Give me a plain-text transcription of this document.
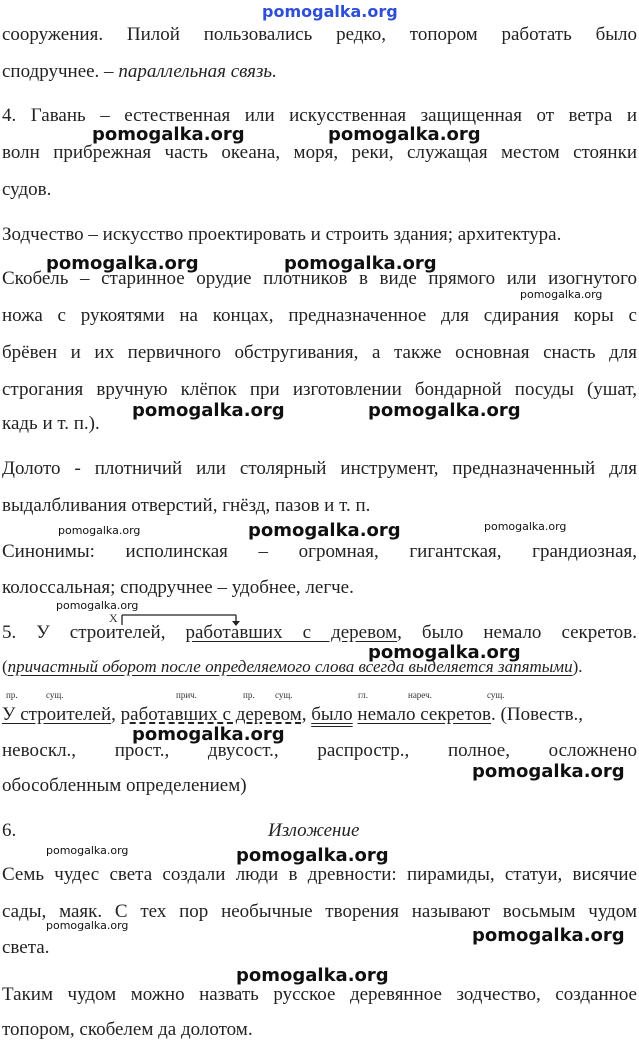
pomogalka.org
сооружения. Пилой пользовались редко, топором работать было
сподручнее. – параллельная связь.
4. Гавань – естественная или искусственная защищенная от ветра и
волн прибрежная часть океана, моря, реки, служащая местом стоянки
судов.
Зодчество – искусство проектировать и строить здания; архитектура.
Скобель – старинное орудие плотников в виде прямого или изогнутого
ножа с рукоятями на концах, предназначенное для сдирания коры с
брёвен и их первичного обстругивания, а также основная снасть для
строгания вручную клёпок при изготовлении бондарной посуды (ушат,
кадь и т. п.).
Долото - плотничий или столярный инструмент, предназначенный для
выдалбливания отверстий, гнёзд, пазов и т. п.
Синонимы: исполинская – огромная, гигантская, грандиозная,
колоссальная; сподручнее – удобнее, легче.
X
5. У строителей, работавших с деревом, было немало секретов.
(причастный оборот после определяемого слова всегда выделяется запятыми).
пр.	сущ.	прич.	пр. сущ.	гл.	нареч.	сущ.
У строителей, работавших с деревом, было немало секретов. (Повеств.,
невоскл., прост., двусост., распростр., полное, осложнено
обособленным определением)
6.	Изложение
Семь чудес света создали люди в древности: пирамиды, статуи, висячие
сады, маяк. С тех пор необычные творения называют восьмым чудом
света.
Таким чудом можно назвать русское деревянное зодчество, созданное
топором, скобелем да долотом.
pomogalka.org	pomogalka.org
pomogalka.org	pomogalka.org
pomogalka.org
pomogalka.org	pomogalka.org
pomogalka.org	pomogalka.org	pomogalka.org
pomogalka.org
pomogalka.org
pomogalka.org
pomogalka.org
pomogalka.org	pomogalka.org
pomogalka.org	pomogalka.org
pomogalka.org
